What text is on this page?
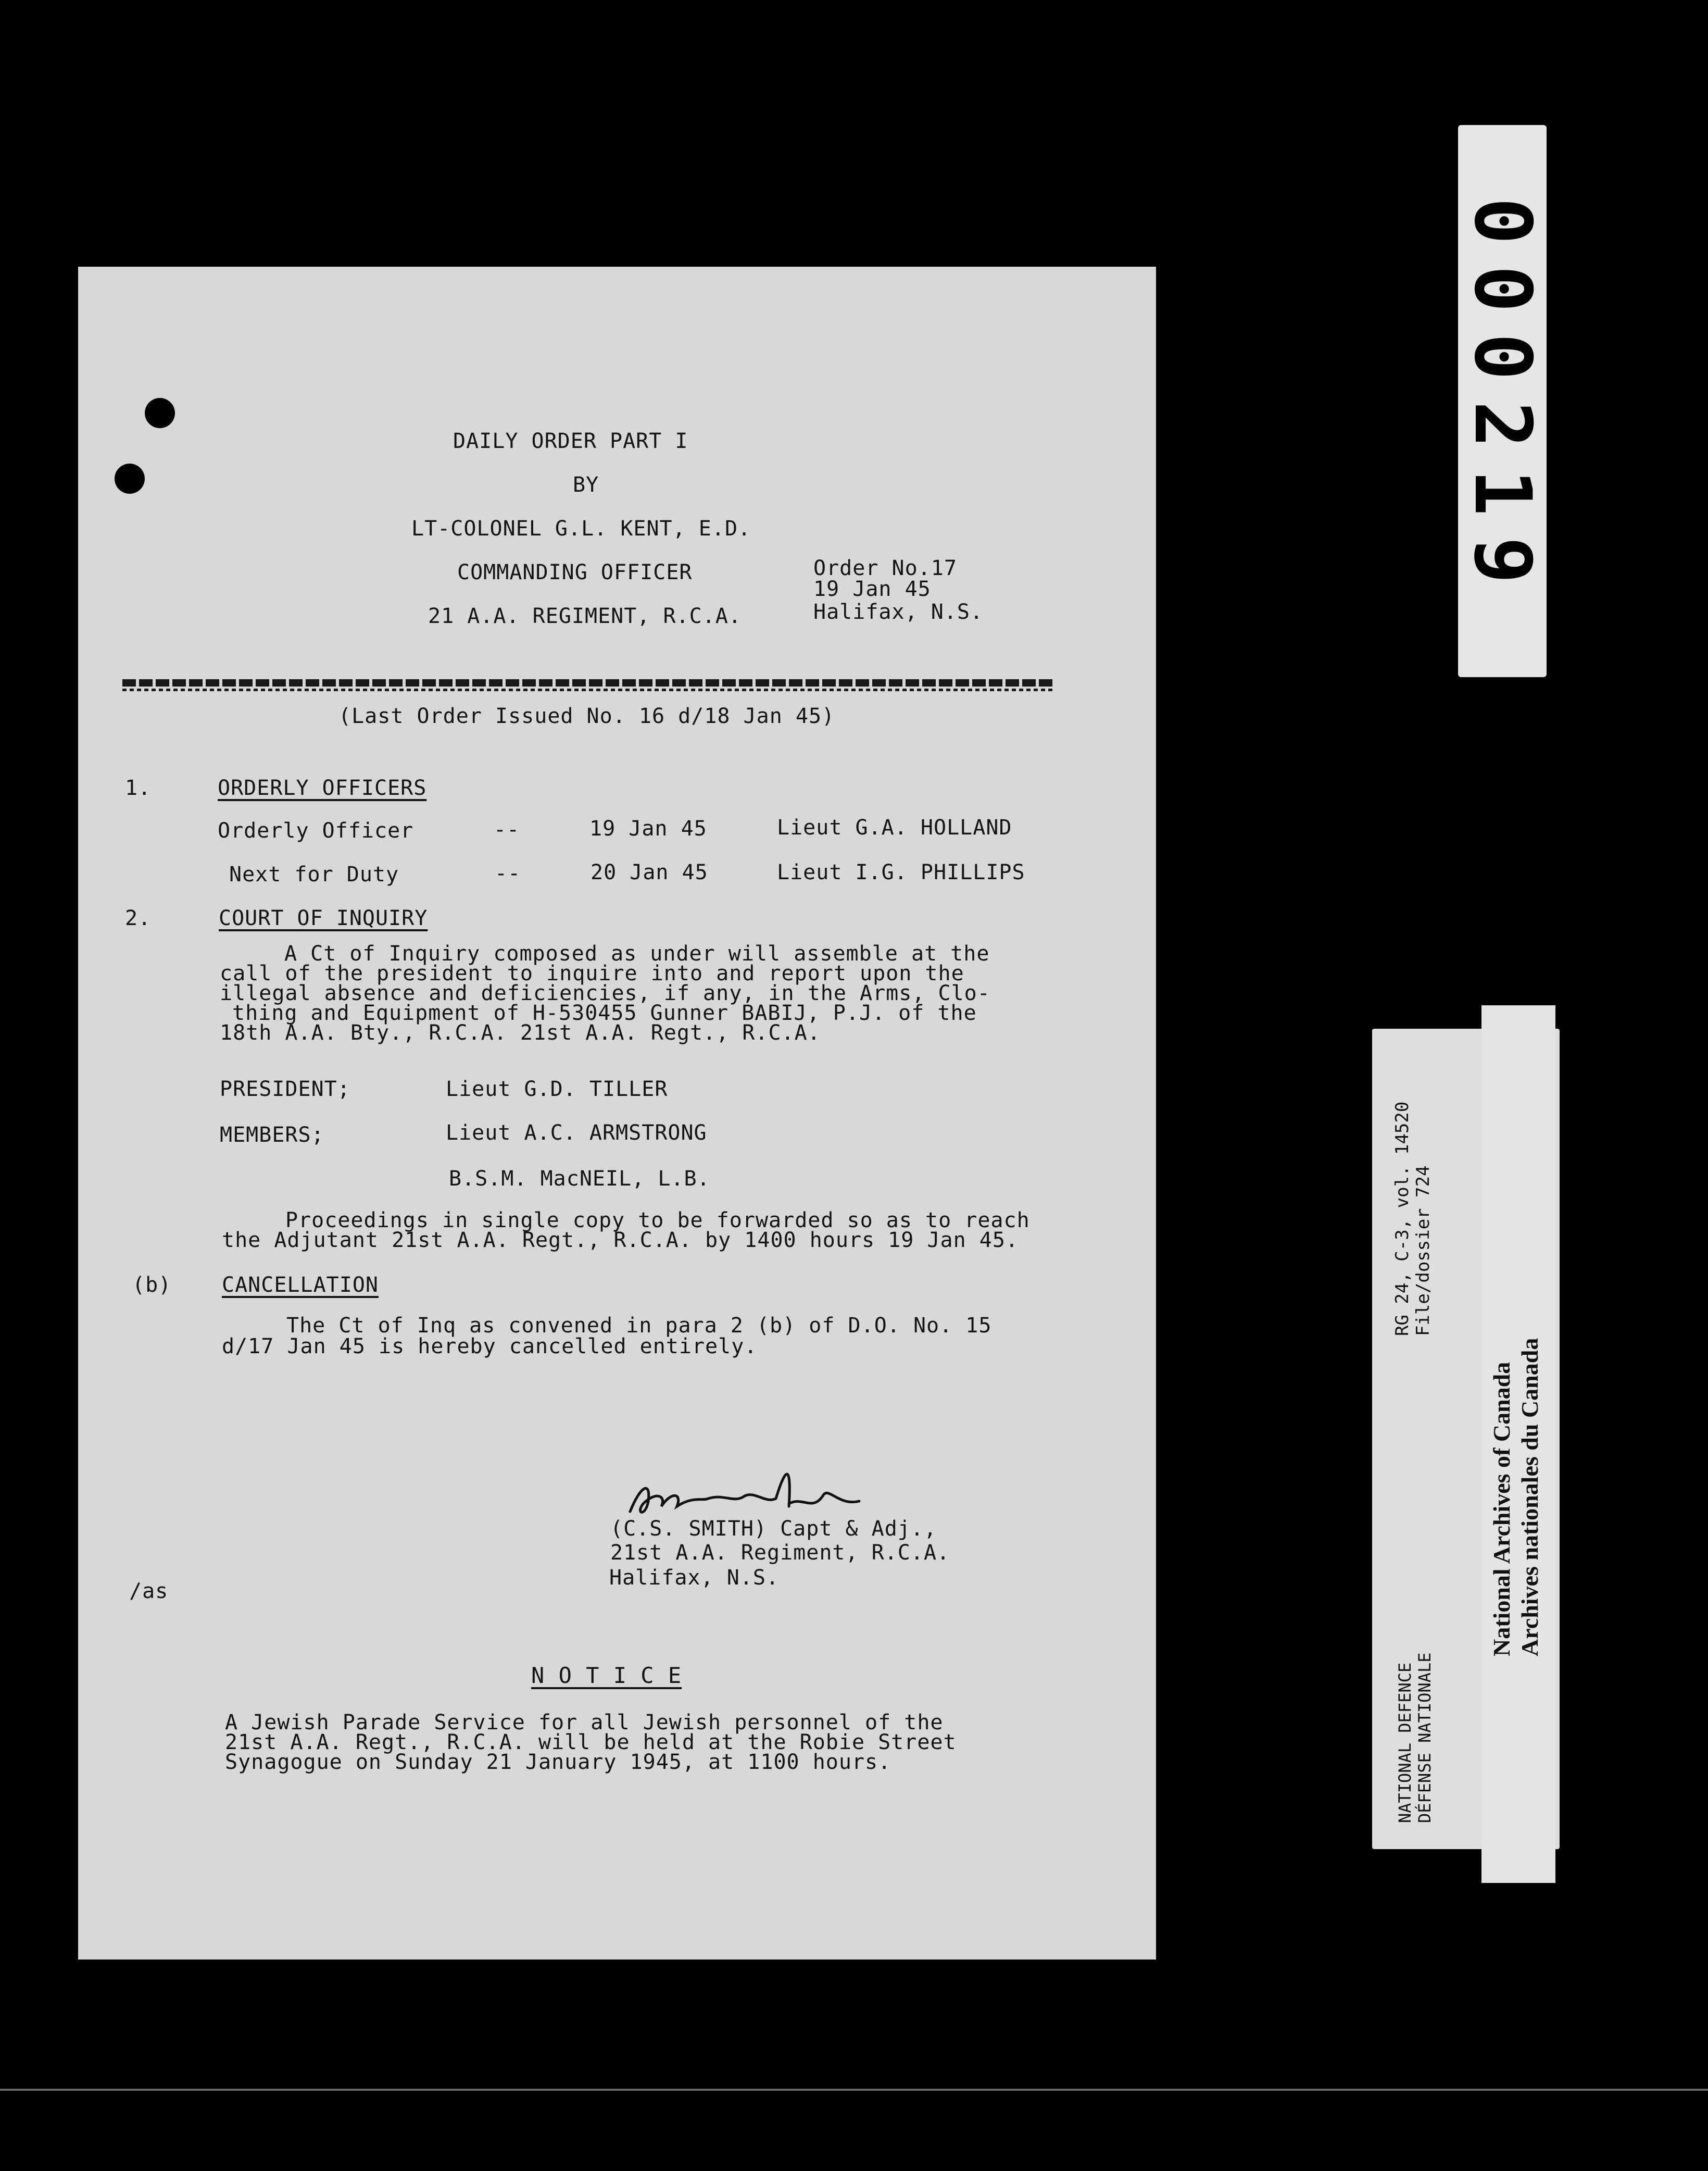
DAILY ORDER PART I
BY
LT-COLONEL G.L. KENT, E.D.
COMMANDING OFFICER
21 A.A. REGIMENT, R.C.A.
Order No.17
19 Jan 45
Halifax, N.S.
(Last Order Issued No. 16 d/18 Jan 45)
1.	ORDERLY OFFICERS
Orderly Officer	--	19 Jan 45	Lieut G.A. HOLLAND
Next for Duty	--	20 Jan 45	Lieut I.G. PHILLIPS
2.	COURT OF INQUIRY
A Ct of Inquiry composed as under will assemble at the
call of the president to inquire into and report upon the
illegal absence and deficiencies, if any, in the Arms, Clo-
thing and Equipment of H-530455 Gunner BABIJ, P.J. of the
18th A.A. Bty., R.C.A. 21st A.A. Regt., R.C.A.
PRESIDENT;	Lieut G.D. TILLER
MEMBERS;	Lieut A.C. ARMSTRONG
B.S.M. MacNEIL, L.B.
Proceedings in single copy to be forwarded so as to reach
the Adjutant 21st A.A. Regt., R.C.A. by 1400 hours 19 Jan 45.
(b) CANCELLATION
The Ct of Inq as convened in para 2 (b) of D.O. No. 15
d/17 Jan 45 is hereby cancelled entirely.
(C.S. SMITH) Capt & Adj.,
21st A.A. Regiment, R.C.A.
Halifax, N.S.
/as
N O T I C E
A Jewish Parade Service for all Jewish personnel of the
21st A.A. Regt., R.C.A. will be held at the Robie Street
Synagogue on Sunday 21 January 1945, at 1100 hours.
000219
RG 24, C-3, vol. 14520 File/dossier 724
NATIONAL DEFENCE DÉFENSE NATIONALE
National Archives of Canada Archives nationales du Canada
